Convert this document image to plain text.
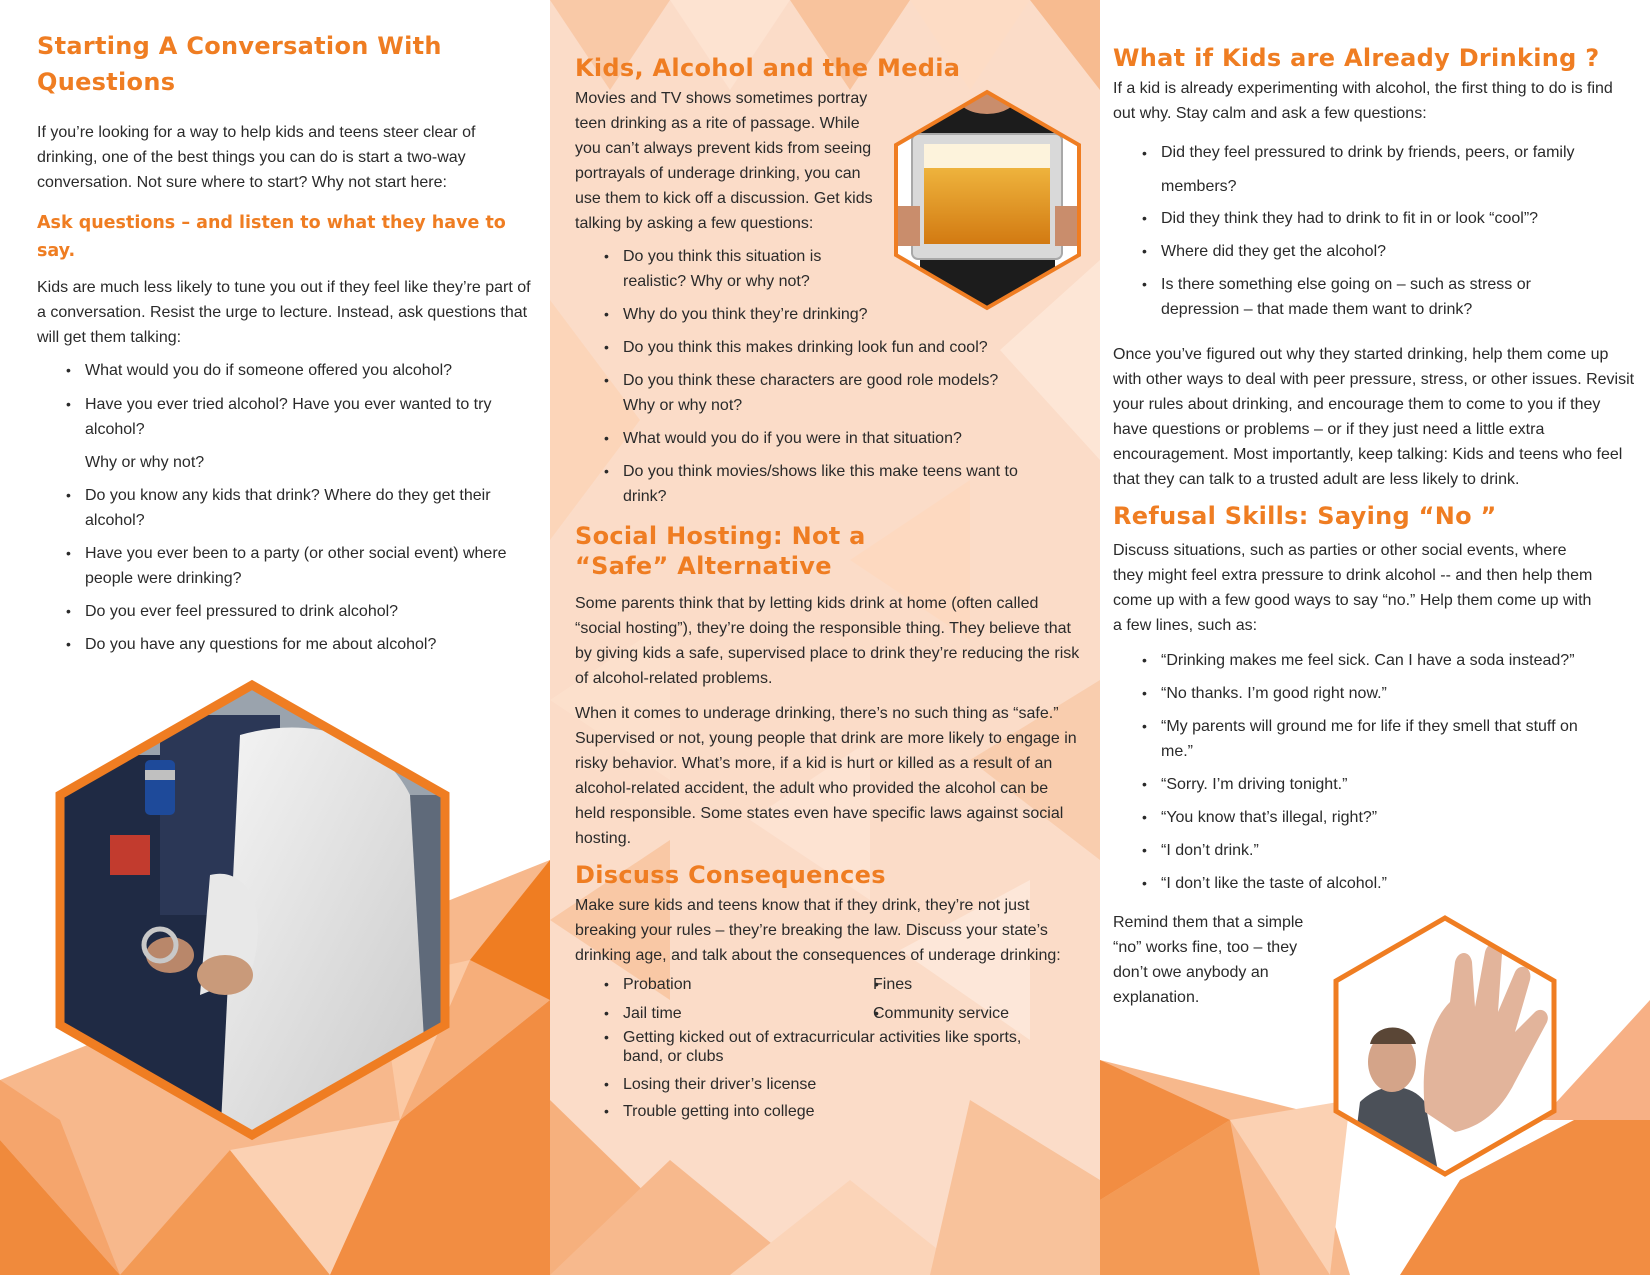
Starting A Conversation With Questions

If you’re looking for a way to help kids and teens steer clear of drinking, one of the best things you can do is start a two-way conversation. Not sure where to start? Why not start here:

Ask questions – and listen to what they have to say.

Kids are much less likely to tune you out if they feel like they’re part of a conversation. Resist the urge to lecture. Instead, ask questions that will get them talking:

• What would you do if someone offered you alcohol?
• Have you ever tried alcohol? Have you ever wanted to try alcohol?
Why or why not?
• Do you know any kids that drink? Where do they get their alcohol?
• Have you ever been to a party (or other social event) where people were drinking?
• Do you ever feel pressured to drink alcohol?
• Do you have any questions for me about alcohol?
Kids, Alcohol and the Media

Movies and TV shows sometimes portray teen drinking as a rite of passage. While you can’t always prevent kids from seeing portrayals of underage drinking, you can use them to kick off a discussion. Get kids talking by asking a few questions:

• Do you think this situation is realistic? Why or why not?
• Why do you think they’re drinking?
• Do you think this makes drinking look fun and cool?
• Do you think these characters are good role models? Why or why not?
• What would you do if you were in that situation?
• Do you think movies/shows like this make teens want to drink?
Social Hosting: Not a “Safe” Alternative

Some parents think that by letting kids drink at home (often called “social hosting”), they’re doing the responsible thing. They believe that by giving kids a safe, supervised place to drink they’re reducing the risk of alcohol-related problems.

When it comes to underage drinking, there’s no such thing as “safe.” Supervised or not, young people that drink are more likely to engage in risky behavior. What’s more, if a kid is hurt or killed as a result of an alcohol-related accident, the adult who provided the alcohol can be held responsible. Some states even have specific laws against social hosting.

Discuss Consequences

Make sure kids and teens know that if they drink, they’re not just breaking your rules – they’re breaking the law. Discuss your state’s drinking age, and talk about the consequences of underage drinking:

• Probation
• Jail time
• Fines
• Community service
• Getting kicked out of extracurricular activities like sports, band, or clubs
• Losing their driver’s license
• Trouble getting into college
What if Kids are Already Drinking ?

If a kid is already experimenting with alcohol, the first thing to do is find out why. Stay calm and ask a few questions:

• Did they feel pressured to drink by friends, peers, or family members?
• Did they think they had to drink to fit in or look “cool”?
• Where did they get the alcohol?
• Is there something else going on – such as stress or depression – that made them want to drink?

Once you’ve figured out why they started drinking, help them come up with other ways to deal with peer pressure, stress, or other issues. Revisit your rules about drinking, and encourage them to come to you if they have questions or problems – or if they just need a little extra encouragement. Most importantly, keep talking: Kids and teens who feel that they can talk to a trusted adult are less likely to drink.

Refusal Skills: Saying “No ”

Discuss situations, such as parties or other social events, where they might feel extra pressure to drink alcohol -- and then help them come up with a few good ways to say “no.” Help them come up with a few lines, such as:

• “Drinking makes me feel sick. Can I have a soda instead?”
• “No thanks. I’m good right now.”
• “My parents will ground me for life if they smell that stuff on me.”
• “Sorry. I’m driving tonight.”
• “You know that’s illegal, right?”
• “I don’t drink.”
• “I don’t like the taste of alcohol.”

Remind them that a simple “no” works fine, too – they don’t owe anybody an explanation.
